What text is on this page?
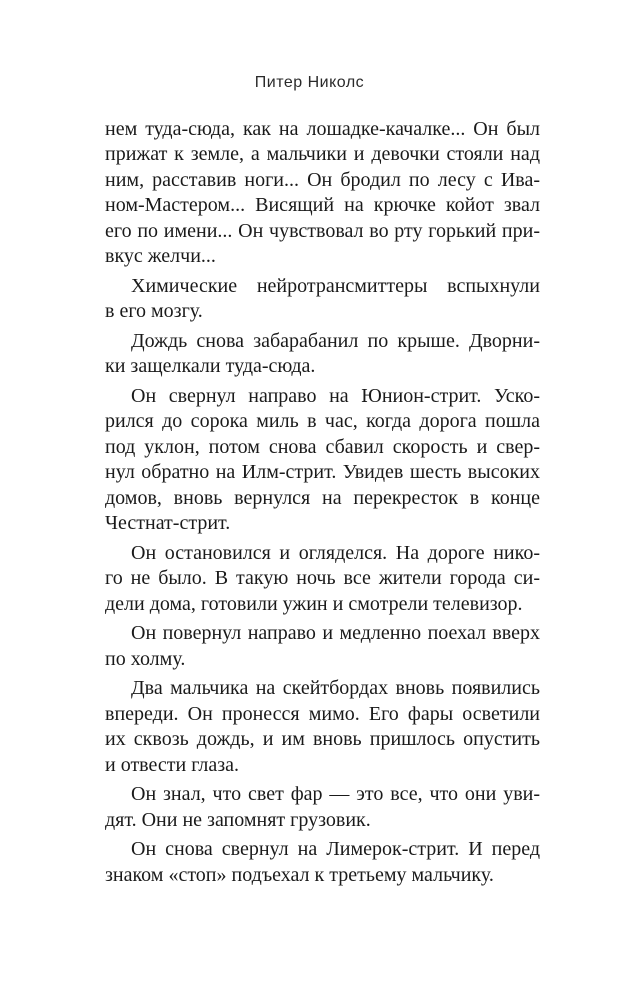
Питер Николс

нем туда-сюда, как на лошадке-качалке... Он был
прижат к земле, а мальчики и девочки стояли над
ним, расставив ноги... Он бродил по лесу с Ива-
ном-Мастером... Висящий на крючке койот звал
его по имени... Он чувствовал во рту горький при-
вкус желчи...

Химические нейротрансмиттеры вспыхнули
в его мозгу.

Дождь снова забарабанил по крыше. Дворни-
ки защелкали туда-сюда.

Он свернул направо на Юнион-стрит. Уско-
рился до сорока миль в час, когда дорога пошла
под уклон, потом снова сбавил скорость и свер-
нул обратно на Илм-стрит. Увидев шесть высоких
домов, вновь вернулся на перекресток в конце
Честнат-стрит.

Он остановился и огляделся. На дороге нико-
го не было. В такую ночь все жители города си-
дели дома, готовили ужин и смотрели телевизор.

Он повернул направо и медленно поехал вверх
по холму.

Два мальчика на скейтбордах вновь появились
впереди. Он пронесся мимо. Его фары осветили
их сквозь дождь, и им вновь пришлось опустить
и отвести глаза.

Он знал, что свет фар — это все, что они уви-
дят. Они не запомнят грузовик.

Он снова свернул на Лимерок-стрит. И перед
знаком «стоп» подъехал к третьему мальчику.
